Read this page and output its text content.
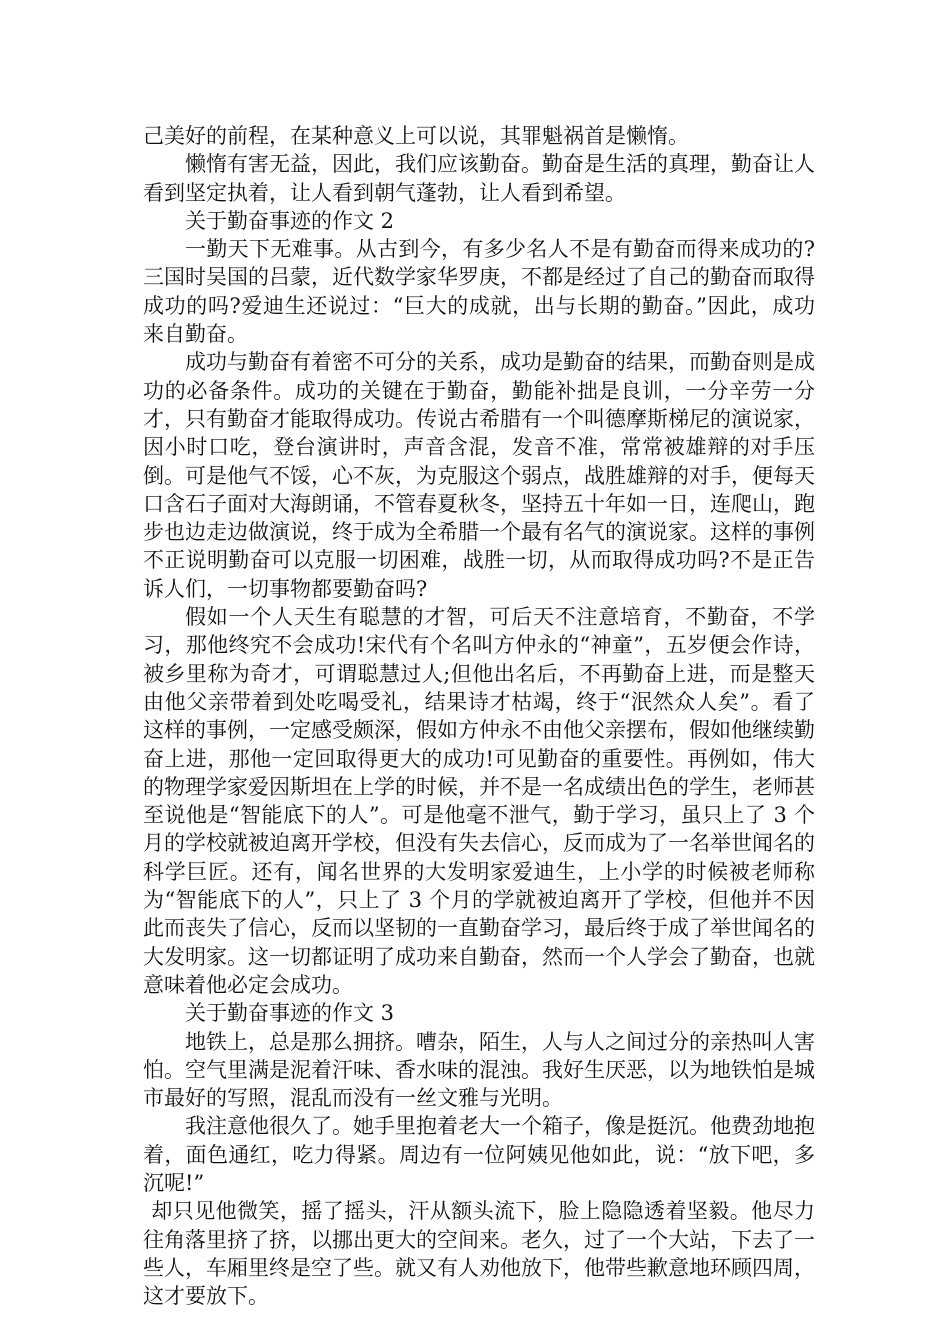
己美好的前程，在某种意义上可以说，其罪魁祸首是懒惰。

懒惰有害无益，因此，我们应该勤奋。勤奋是生活的真理，勤奋让人看到坚定执着，让人看到朝气蓬勃，让人看到希望。

关于勤奋事迹的作文 2

一勤天下无难事。从古到今，有多少名人不是有勤奋而得来成功的?三国时吴国的吕蒙，近代数学家华罗庚，不都是经过了自己的勤奋而取得成功的吗?爱迪生还说过：“巨大的成就，出与长期的勤奋。”因此，成功来自勤奋。

成功与勤奋有着密不可分的关系，成功是勤奋的结果，而勤奋则是成功的必备条件。成功的关键在于勤奋，勤能补拙是良训，一分辛劳一分才，只有勤奋才能取得成功。传说古希腊有一个叫德摩斯梯尼的演说家，因小时口吃，登台演讲时，声音含混，发音不准，常常被雄辩的对手压倒。可是他气不馁，心不灰，为克服这个弱点，战胜雄辩的对手，便每天口含石子面对大海朗诵，不管春夏秋冬，坚持五十年如一日，连爬山，跑步也边走边做演说，终于成为全希腊一个最有名气的演说家。这样的事例不正说明勤奋可以克服一切困难，战胜一切，从而取得成功吗?不是正告诉人们，一切事物都要勤奋吗?

假如一个人天生有聪慧的才智，可后天不注意培育，不勤奋，不学习，那他终究不会成功!宋代有个名叫方仲永的“神童”，五岁便会作诗，被乡里称为奇才，可谓聪慧过人;但他出名后，不再勤奋上进，而是整天由他父亲带着到处吃喝受礼，结果诗才枯竭，终于“泯然众人矣”。看了这样的事例，一定感受颇深，假如方仲永不由他父亲摆布，假如他继续勤奋上进，那他一定回取得更大的成功!可见勤奋的重要性。再例如，伟大的物理学家爱因斯坦在上学的时候，并不是一名成绩出色的学生，老师甚至说他是“智能底下的人”。可是他毫不泄气，勤于学习，虽只上了 3 个月的学校就被迫离开学校，但没有失去信心，反而成为了一名举世闻名的科学巨匠。还有，闻名世界的大发明家爱迪生，上小学的时候被老师称为“智能底下的人”，只上了 3 个月的学就被迫离开了学校，但他并不因此而丧失了信心，反而以坚韧的一直勤奋学习，最后终于成了举世闻名的大发明家。这一切都证明了成功来自勤奋，然而一个人学会了勤奋，也就意味着他必定会成功。

关于勤奋事迹的作文 3

地铁上，总是那么拥挤。嘈杂，陌生，人与人之间过分的亲热叫人害怕。空气里满是泥着汗味、香水味的混浊。我好生厌恶，以为地铁怕是城市最好的写照，混乱而没有一丝文雅与光明。

我注意他很久了。她手里抱着老大一个箱子，像是挺沉。他费劲地抱着，面色通红，吃力得紧。周边有一位阿姨见他如此，说：“放下吧，多沉呢!”

却只见他微笑，摇了摇头，汗从额头流下，脸上隐隐透着坚毅。他尽力往角落里挤了挤，以挪出更大的空间来。老久，过了一个大站，下去了一些人，车厢里终是空了些。就又有人劝他放下，他带些歉意地环顾四周，这才要放下。
